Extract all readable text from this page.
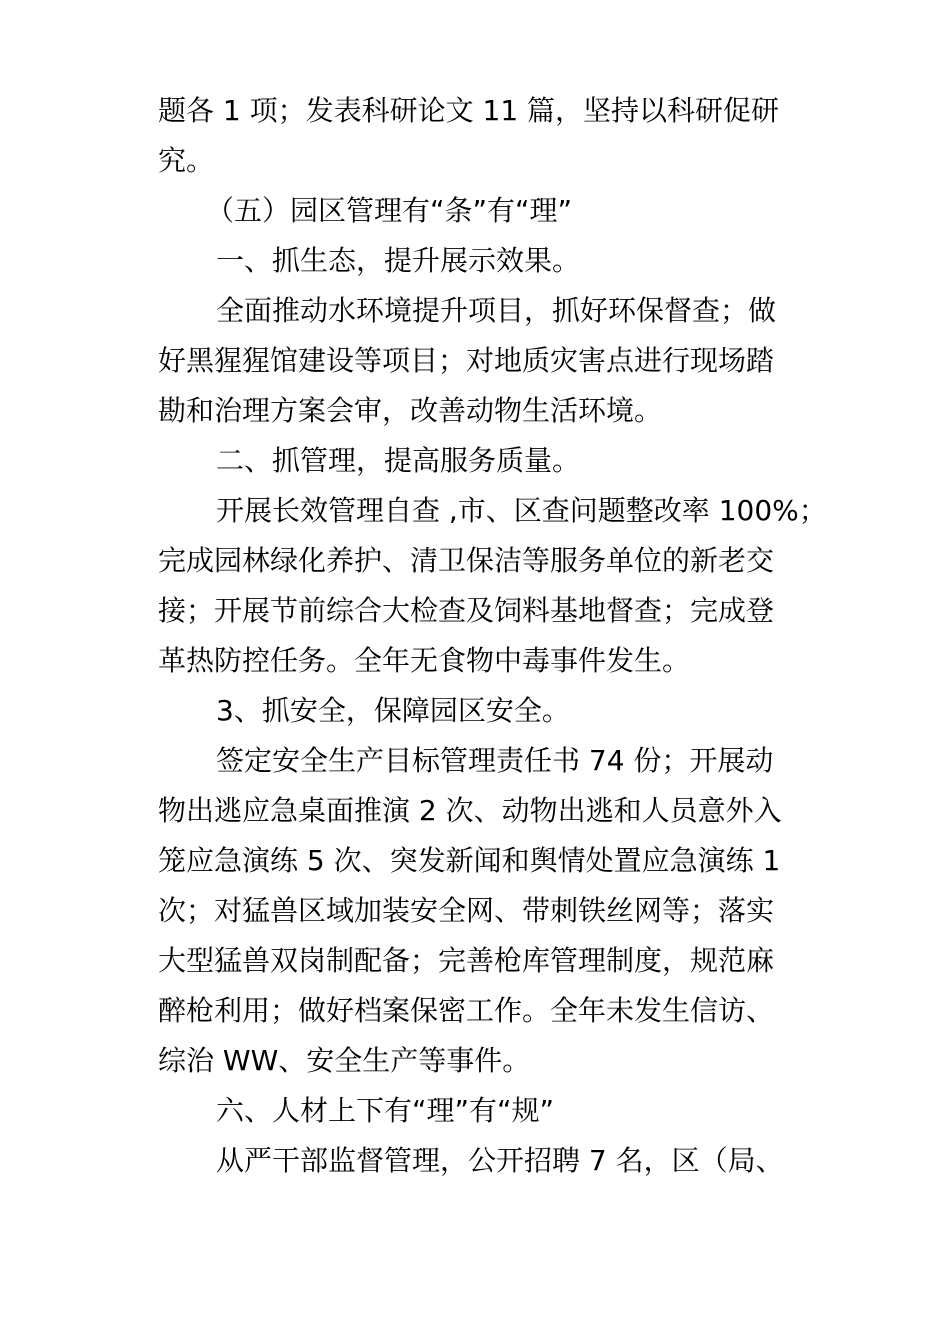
题各 1 项；发表科研论文 11 篇，坚持以科研促研
究。
（五）园区管理有“条”有“理”
一、抓生态，提升展示效果。
全面推动水环境提升项目，抓好环保督查；做
好黑猩猩馆建设等项目；对地质灾害点进行现场踏
勘和治理方案会审，改善动物生活环境。
二、抓管理，提高服务质量。
开展长效管理自查 ,市、区查问题整改率 100%；
完成园林绿化养护、清卫保洁等服务单位的新老交
接；开展节前综合大检查及饲料基地督查；完成登
革热防控任务。全年无食物中毒事件发生。
3、抓安全，保障园区安全。
签定安全生产目标管理责任书 74 份；开展动
物出逃应急桌面推演 2 次、动物出逃和人员意外入
笼应急演练 5 次、突发新闻和舆情处置应急演练 1
次；对猛兽区域加装安全网、带刺铁丝网等；落实
大型猛兽双岗制配备；完善枪库管理制度，规范麻
醉枪利用；做好档案保密工作。全年未发生信访、
综治 WW、安全生产等事件。
六、人材上下有“理”有“规”
从严干部监督管理，公开招聘 7 名，区（局、
